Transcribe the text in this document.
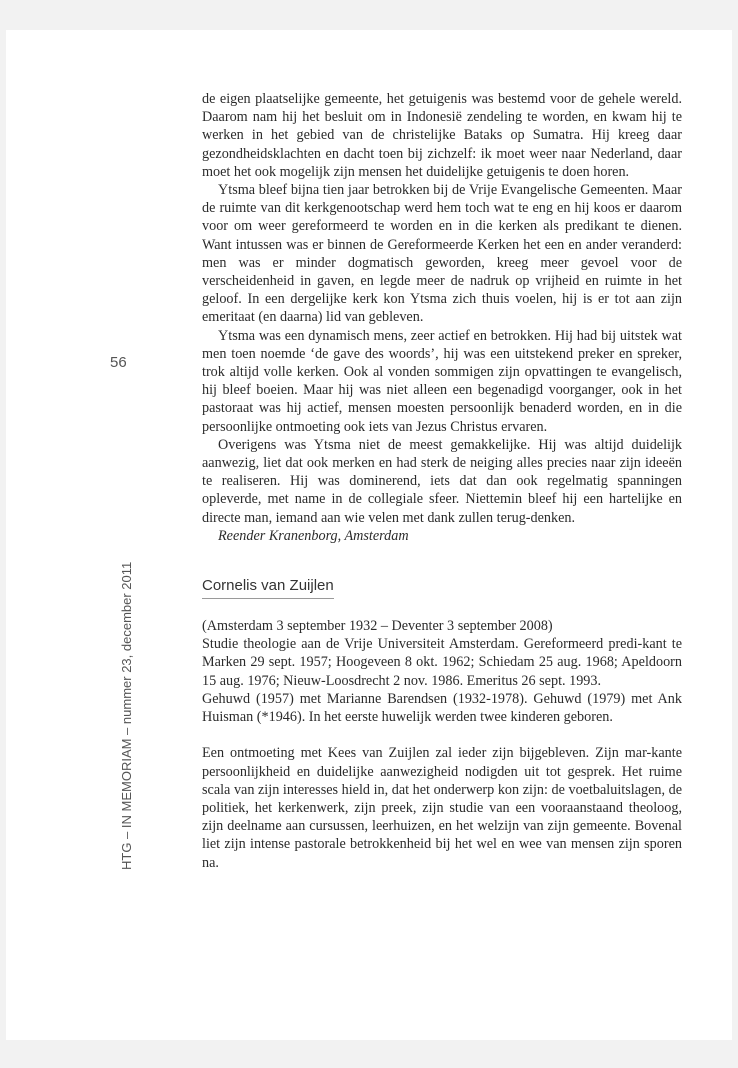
56

HTG – IN MEMORIAM – nummer 23, december 2011

de eigen plaatselijke gemeente, het getuigenis was bestemd voor de gehele wereld. Daarom nam hij het besluit om in Indonesië zendeling te worden, en kwam hij te werken in het gebied van de christelijke Bataks op Sumatra. Hij kreeg daar gezondheidsklachten en dacht toen bij zichzelf: ik moet weer naar Nederland, daar moet het ook mogelijk zijn mensen het duidelijke getuigenis te doen horen.

Ytsma bleef bijna tien jaar betrokken bij de Vrije Evangelische Gemeenten. Maar de ruimte van dit kerkgenootschap werd hem toch wat te eng en hij koos er daarom voor om weer gereformeerd te worden en in die kerken als predikant te dienen. Want intussen was er binnen de Gereformeerde Kerken het een en ander veranderd: men was er minder dogmatisch geworden, kreeg meer gevoel voor de verscheidenheid in gaven, en legde meer de nadruk op vrijheid en ruimte in het geloof. In een dergelijke kerk kon Ytsma zich thuis voelen, hij is er tot aan zijn emeritaat (en daarna) lid van gebleven.

Ytsma was een dynamisch mens, zeer actief en betrokken. Hij had bij uitstek wat men toen noemde ‘de gave des woords’, hij was een uitstekend preker en spreker, trok altijd volle kerken. Ook al vonden sommigen zijn opvattingen te evangelisch, hij bleef boeien. Maar hij was niet alleen een begenadigd voorganger, ook in het pastoraat was hij actief, mensen moesten persoonlijk benaderd worden, en in die persoonlijke ontmoeting ook iets van Jezus Christus ervaren.

Overigens was Ytsma niet de meest gemakkelijke. Hij was altijd duidelijk aanwezig, liet dat ook merken en had sterk de neiging alles precies naar zijn ideeën te realiseren. Hij was dominerend, iets dat dan ook regelmatig spanningen opleverde, met name in de collegiale sfeer. Niettemin bleef hij een hartelijke en directe man, iemand aan wie velen met dank zullen terug-denken.

Reender Kranenborg, Amsterdam

Cornelis van Zuijlen

(Amsterdam 3 september 1932 – Deventer 3 september 2008)

Studie theologie aan de Vrije Universiteit Amsterdam. Gereformeerd predi-kant te Marken 29 sept. 1957; Hoogeveen 8 okt. 1962; Schiedam 25 aug. 1968; Apeldoorn 15 aug. 1976; Nieuw-Loosdrecht 2 nov. 1986. Emeritus 26 sept. 1993.

Gehuwd (1957) met Marianne Barendsen (1932-1978). Gehuwd (1979) met Ank Huisman (*1946). In het eerste huwelijk werden twee kinderen geboren.

Een ontmoeting met Kees van Zuijlen zal ieder zijn bijgebleven. Zijn mar-kante persoonlijkheid en duidelijke aanwezigheid nodigden uit tot gesprek. Het ruime scala van zijn interesses hield in, dat het onderwerp kon zijn: de voetbaluitslagen, de politiek, het kerkenwerk, zijn preek, zijn studie van een vooraanstaand theoloog, zijn deelname aan cursussen, leerhuizen, en het welzijn van zijn gemeente. Bovenal liet zijn intense pastorale betrokkenheid bij het wel en wee van mensen zijn sporen na.
